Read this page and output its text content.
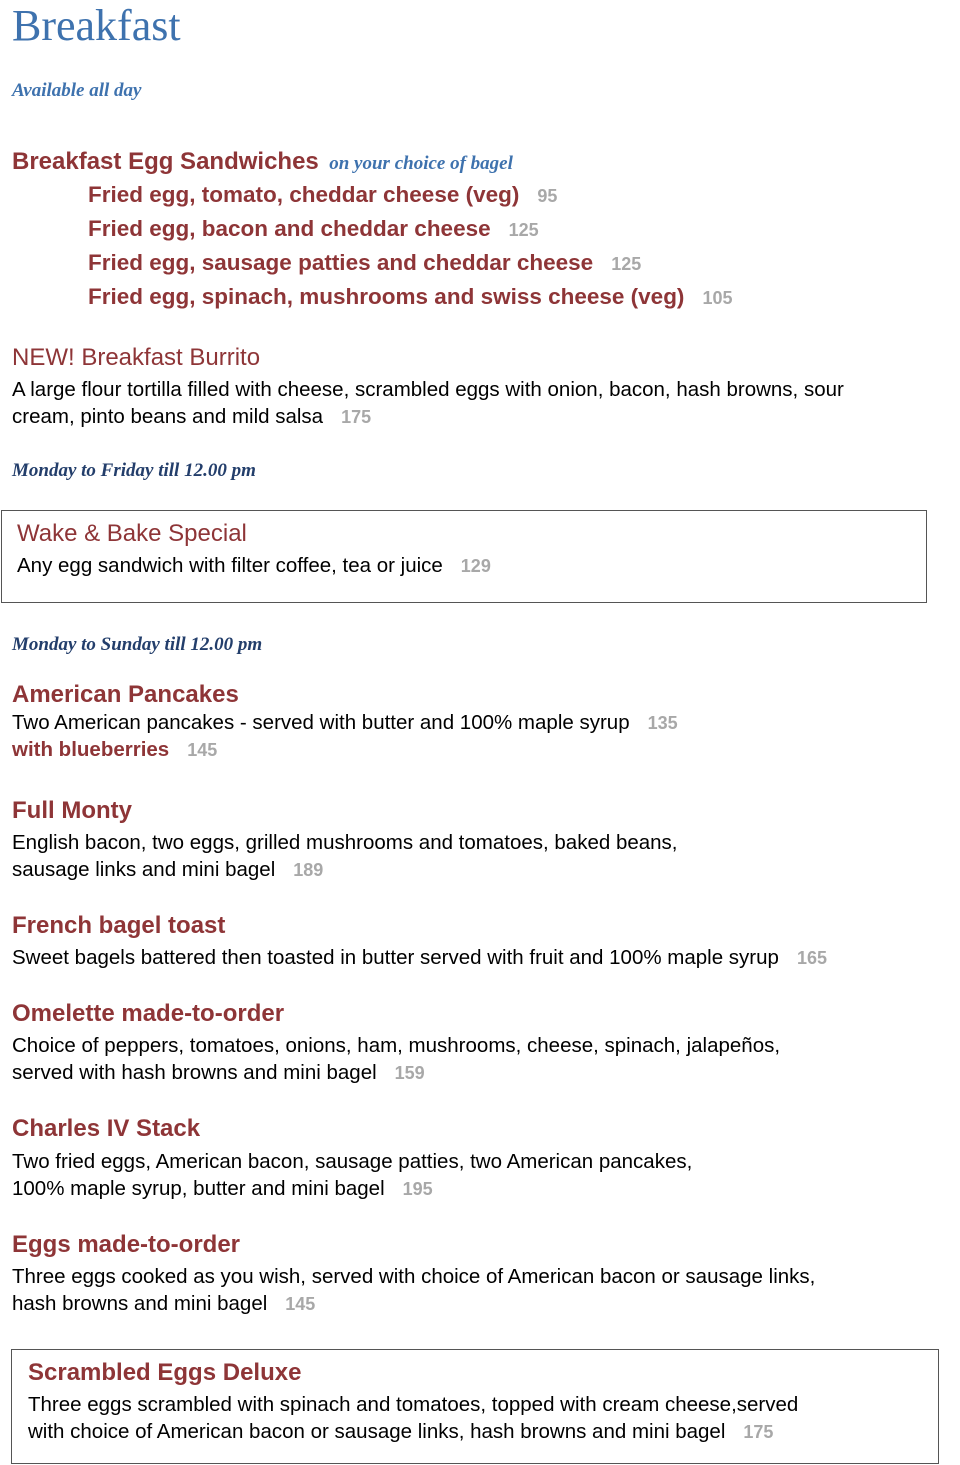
Breakfast
Available all day
Breakfast Egg Sandwiches on your choice of bagel
Fried egg, tomato, cheddar cheese (veg) 95
Fried egg, bacon and cheddar cheese 125
Fried egg, sausage patties and cheddar cheese 125
Fried egg, spinach, mushrooms and swiss cheese (veg) 105
NEW! Breakfast Burrito
A large flour tortilla filled with cheese, scrambled eggs with onion, bacon, hash browns, sour
cream, pinto beans and mild salsa 175
Monday to Friday till 12.00 pm
Wake & Bake Special
Any egg sandwich with filter coffee, tea or juice 129
Monday to Sunday till 12.00 pm
American Pancakes
Two American pancakes - served with butter and 100% maple syrup 135
with blueberries 145
Full Monty
English bacon, two eggs, grilled mushrooms and tomatoes, baked beans,
sausage links and mini bagel 189
French bagel toast
Sweet bagels battered then toasted in butter served with fruit and 100% maple syrup 165
Omelette made-to-order
Choice of peppers, tomatoes, onions, ham, mushrooms, cheese, spinach, jalapeños,
served with hash browns and mini bagel 159
Charles IV Stack
Two fried eggs, American bacon, sausage patties, two American pancakes,
100% maple syrup, butter and mini bagel 195
Eggs made-to-order
Three eggs cooked as you wish, served with choice of American bacon or sausage links,
hash browns and mini bagel 145
Scrambled Eggs Deluxe
Three eggs scrambled with spinach and tomatoes, topped with cream cheese,served
with choice of American bacon or sausage links, hash browns and mini bagel 175
